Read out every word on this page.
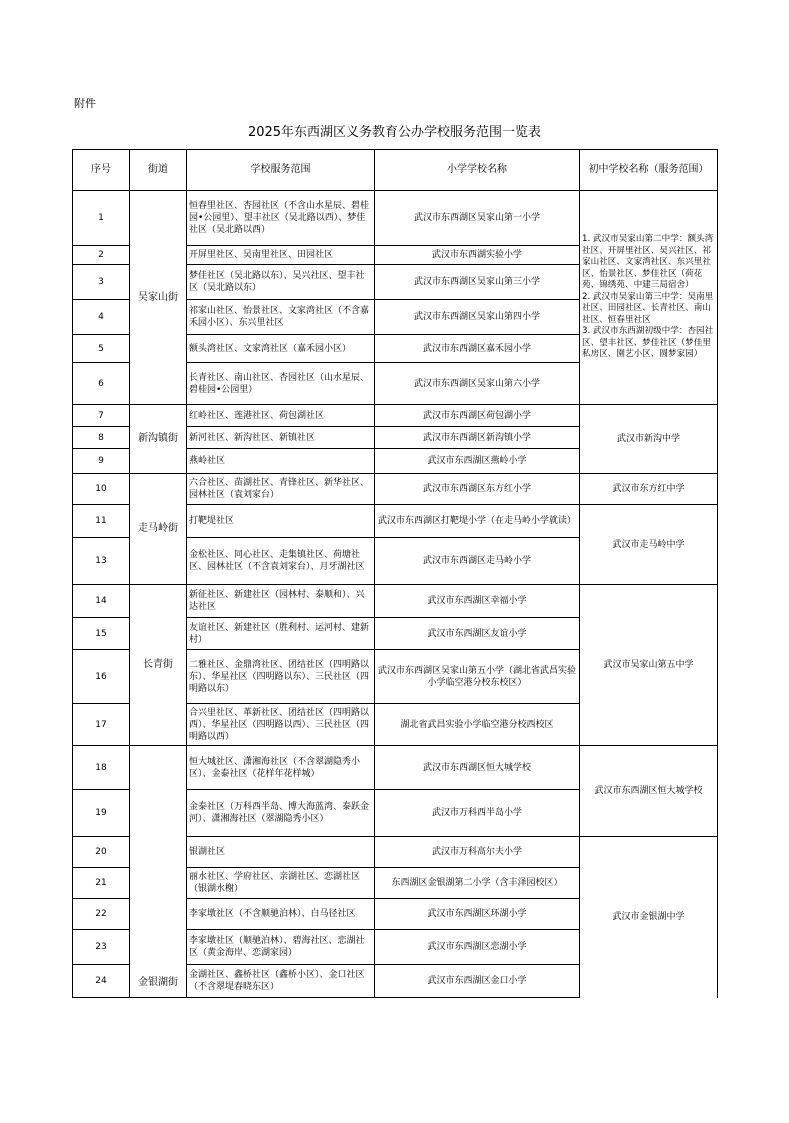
附件
2025年东西湖区义务教育公办学校服务范围一览表
序号	街道	学校服务范围	小学学校名称	初中学校名称（服务范围）
1	吴家山街	恒春里社区、杏园社区（不含山水星辰、碧桂园•公园里）、望丰社区（吴北路以西）、梦佳社区（吴北路以西）	武汉市东西湖区吴家山第一小学	1. 武汉市吴家山第二中学：额头湾社区、开屏里社区、吴兴社区、祁家山社区、文家湾社区、东兴里社区、怡景社区、梦佳社区（荷花苑、锦绣苑、中建三局宿舍）
2. 武汉市吴家山第三中学：吴南里社区、田园社区、长青社区、南山社区、恒春里社区
3. 武汉市东西湖初级中学：杏园社区、望丰社区、梦佳社区（梦佳里私房区、園艺小区、圆梦家园）
2		开屏里社区、吴南里社区、田园社区	武汉市东西湖实验小学	
3		梦佳社区（吴北路以东）、吴兴社区、望丰社区（吴北路以东）	武汉市东西湖区吴家山第三小学	
4		祁家山社区、怡景社区、文家湾社区（不含嘉禾园小区）、东兴里社区	武汉市东西湖区吴家山第四小学	
5		额头湾社区、文家湾社区（嘉禾园小区）	武汉市东西湖区嘉禾园小学	
6		长青社区、南山社区、杏园社区（山水星辰、碧桂园•公园里）	武汉市东西湖区吴家山第六小学	
7	新沟镇街	红岭社区、莲港社区、荷包湖社区	武汉市东西湖区荷包湖小学	武汉市新沟中学
8		新河社区、新沟社区、新镇社区	武汉市东西湖区新沟镇小学	
9		燕岭社区	武汉市东西湖区燕岭小学	
10	走马岭街	六合社区、苗湖社区、青锋社区、新华社区、园林社区（袁刘家台）	武汉市东西湖区东方红小学	武汉市东方红中学
11		打靶堤社区	武汉市东西湖区打靶堤小学（在走马岭小学就读）	武汉市走马岭中学
13		金松社区、同心社区、走集镇社区、荷塘社区、园林社区（不含袁刘家台）、月牙湖社区	武汉市东西湖区走马岭小学	
14	长青街	新征社区、新建社区（园林村、泰顺和）、兴达社区	武汉市东西湖区幸福小学	武汉市吴家山第五中学
15		友谊社区、新建社区（胜利村、运河村、建新村）	武汉市东西湖区友谊小学	
16		二雅社区、金鼎湾社区、团结社区（四明路以东）、华星社区（四明路以东）、三民社区（四明路以东）	武汉市东西湖区吴家山第五小学（湖北省武昌实验小学临空港分校东校区）	
17		合兴里社区、革新社区、团结社区（四明路以西）、华星社区（四明路以西）、三民社区（四明路以西）	湖北省武昌实验小学临空港分校西校区	
18	金银湖街	恒大城社区、潇湘海社区（不含翠湖隐秀小区）、金泰社区（花样年花样城）	武汉市东西湖区恒大城学校	武汉市东西湖区恒大城学校
19		金泰社区（万科西半岛、博大海蓝湾、泰跃金河）、潇湘海社区（翠湖隐秀小区）	武汉市万科西半岛小学	
20		银湖社区	武汉市万科高尔夫小学	武汉市金银湖中学
21		丽水社区、学府社区、亲湖社区、恋湖社区（银湖水榭）	东西湖区金银湖第二小学（含丰泽园校区）	
22		李家墩社区（不含顺驰泊林）、白马径社区	武汉市东西湖区环湖小学	
23		李家墩社区（顺驰泊林）、碧海社区、恋湖社区（黄金海岸、恋湖家园）	武汉市东西湖区恋湖小学	
24		金湖社区、鑫桥社区（鑫桥小区）、金口社区（不含翠堤春晓东区）	武汉市东西湖区金口小学	
